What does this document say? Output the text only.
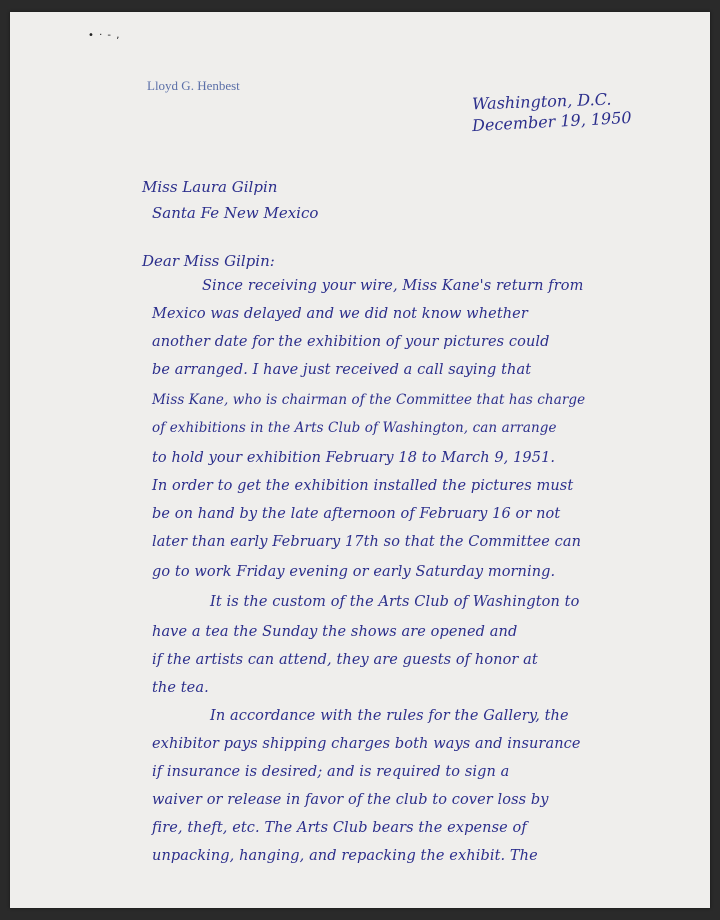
• · - ,
Lloyd G. Henbest
Washington, D.C.
December 19, 1950
Miss Laura Gilpin
Santa Fe New Mexico
Dear Miss Gilpin:
Since receiving your wire, Miss Kane's return from
Mexico was delayed and we did not know whether
another date for the exhibition of your pictures could
be arranged. I have just received a call saying that
Miss Kane, who is chairman of the Committee that has charge
of exhibitions in the Arts Club of Washington, can arrange
to hold your exhibition February 18 to March 9, 1951.
In order to get the exhibition installed the pictures must
be on hand by the late afternoon of February 16 or not
later than early February 17th so that the Committee can
go to work Friday evening or early Saturday morning.
It is the custom of the Arts Club of Washington to
have a tea the Sunday the shows are opened and
if the artists can attend, they are guests of honor at
the tea.
In accordance with the rules for the Gallery, the
exhibitor pays shipping charges both ways and insurance
if insurance is desired; and is required to sign a
waiver or release in favor of the club to cover loss by
fire, theft, etc. The Arts Club bears the expense of
unpacking, hanging, and repacking the exhibit. The
